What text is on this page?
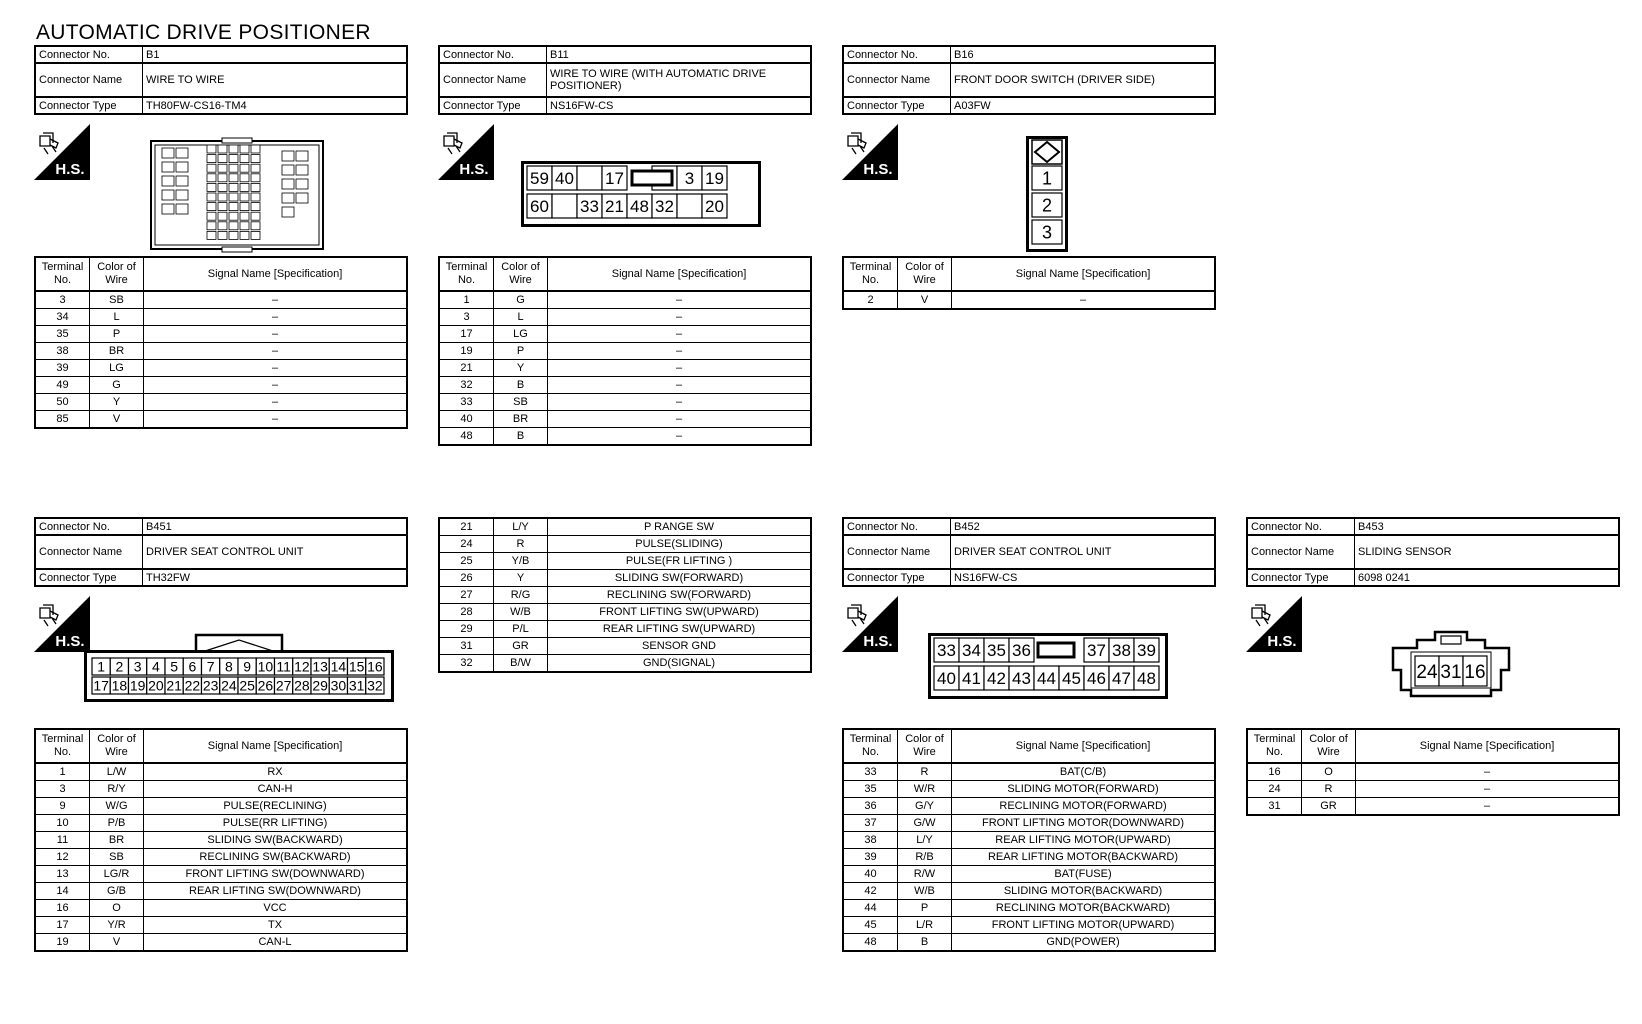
AUTOMATIC DRIVE POSITIONER
Connector No.	B1
Connector Name	WIRE TO WIRE
Connector Type	TH80FW-CS16-TM4
H.S.
Terminal No.	Color of Wire	Signal Name [Specification]
3	SB	–
34	L	–
35	P	–
38	BR	–
39	LG	–
49	G	–
50	Y	–
85	V	–
Connector No.	B11
Connector Name	WIRE TO WIRE (WITH AUTOMATIC DRIVE POSITIONER)
Connector Type	NS16FW-CS
H.S. 59 40 17	3 19
60 33 21 48 32 20
Terminal No.	Color of Wire	Signal Name [Specification]
1	G	–
3	L	–
17	LG	–
19	P	–
21	Y	–
32	B	–
33	SB	–
40	BR	–
48	B	–
Connector No.	B16
Connector Name	FRONT DOOR SWITCH (DRIVER SIDE)
Connector Type	A03FW
H.S.	1
2
3
Terminal No.	Color of Wire	Signal Name [Specification]
2	V	–
Connector No.	B451
Connector Name	DRIVER SEAT CONTROL UNIT
Connector Type	TH32FW
H.S.
1 2 3 4 5 6 7 8 9 10 11 12 13 14 15 16
17 18 19 20 21 22 23 24 25 26 27 28 29 30 31 32
Terminal No.	Color of Wire	Signal Name [Specification]
1	L/W	RX
3	R/Y	CAN-H
9	W/G	PULSE(RECLINING)
10	P/B	PULSE(RR LIFTING)
11	BR	SLIDING SW(BACKWARD)
12	SB	RECLINING SW(BACKWARD)
13	LG/R	FRONT LIFTING SW(DOWNWARD)
14	G/B	REAR LIFTING SW(DOWNWARD)
16	O	VCC
17	Y/R	TX
19	V	CAN-L
21	L/Y	P RANGE SW
24	R	PULSE(SLIDING)
25	Y/B	PULSE(FR LIFTING )
26	Y	SLIDING SW(FORWARD)
27	R/G	RECLINING SW(FORWARD)
28	W/B	FRONT LIFTING SW(UPWARD)
29	P/L	REAR LIFTING SW(UPWARD)
31	GR	SENSOR GND
32	B/W	GND(SIGNAL)
Connector No.	B452
Connector Name	DRIVER SEAT CONTROL UNIT
Connector Type	NS16FW-CS
H.S.	33 34 35 36	37 38 39
40 41 42 43 44 45 46 47 48
Terminal No.	Color of Wire	Signal Name [Specification]
33	R	BAT(C/B)
35	W/R	SLIDING MOTOR(FORWARD)
36	G/Y	RECLINING MOTOR(FORWARD)
37	G/W	FRONT LIFTING MOTOR(DOWNWARD)
38	L/Y	REAR LIFTING MOTOR(UPWARD)
39	R/B	REAR LIFTING MOTOR(BACKWARD)
40	R/W	BAT(FUSE)
42	W/B	SLIDING MOTOR(BACKWARD)
44	P	RECLINING MOTOR(BACKWARD)
45	L/R	FRONT LIFTING MOTOR(UPWARD)
48	B	GND(POWER)
Connector No.	B453
Connector Name	SLIDING SENSOR
Connector Type	6098 0241
H.S.
24 31 16
Terminal No.	Color of Wire	Signal Name [Specification]
16	O	–
24	R	–
31	GR	–
